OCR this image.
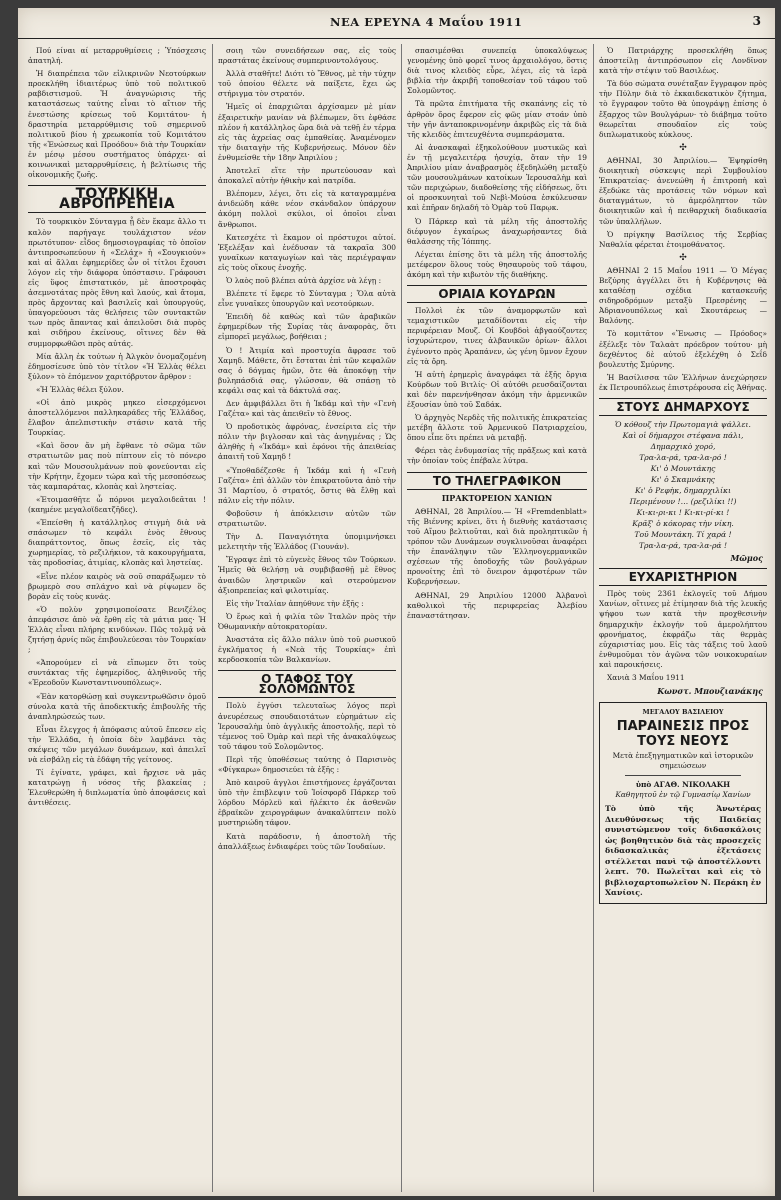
ΝΕΑ ΕΡΕΥΝΑ 4 Μαΐου 1911	3

Πού είναι αί μεταρρυθμίσεις ; Ὑπόσχεσις ἀπατηλή.

Ἡ διαπρέπεια τῶν εἰλικρινῶν Νεοτούρκων προεκλήθη ἰδιαιτέρως ὑπὸ τοῦ πολιτικοῦ ραβδιστισμοῦ. Ἡ ἀναγνώρισις τῆς καταστάσεως ταύτης εἶναι τὸ αἴτιον τῆς ἐνεστώσης κρίσεως τοῦ Κομιτάτου· ἡ δραστηρία μεταρρύθμισις τοῦ σημερινοῦ πολιτικοῦ βίου ἡ χρεωκοπία τοῦ Κομιτάτου τῆς «Ἑνώσεως καὶ Προόδου» διὰ τὴν Τουρκίαν ἐν μέσῳ μέσου συστήματος ὑπάρχει· αἱ κοινωνικαὶ μεταρρυθμίσεις, ἡ βελτίωσις τῆς οἰκονομικῆς ζωῆς.

ΤΟΥΡΚΙΚΗ ΑΒΡΟΠΡΕΠΕΙΑ

Τὸ τουρκικὸν Σύνταγμα ᾗ δὲν ἔκαμε ἄλλο τι καλὸν παρήγαγε τουλάχιστον νέον πρωτότυπον· εἶδος δημοσιογραφίας τὸ ὁποῖον ἀντιπροσωπεύουν ἡ «Σελάχ» ἡ «Σουγκιούν» καὶ αἱ ἄλλαι ἐφημερίδες ὧν οἱ τίτλοι ἔχουσι λόγον εἰς τὴν διάφορα ὑπόστασιν. Γράφουσι εἰς ὕφος ἐπιστατικόν, μὲ ἀποστροφὰς ἀσεμνοτάτας πρὸς ἔθνη καὶ λαούς, καὶ ἄτομα, πρὸς ἄρχοντας καὶ βασιλεῖς καὶ ὑπουργούς, ὑπαγορεύουσι τὰς θελήσεις τῶν συντακτῶν των πρὸς ἅπαντας καὶ ἀπειλοῦσι διὰ πυρὸς καὶ σιδήρου ἐκείνους, οἵτινες δὲν θὰ συμμορφωθῶσι πρὸς αὐτάς.

Μία ἄλλη ἐκ τούτων ἡ Ἀλγκὸν ὀνομαζομένη ἐδημοσίευσε ὑπὸ τὸν τίτλον «Ἡ Ἑλλὰς θέλει ξύλον» τὸ ἑπόμενον χαριτόβρυτον ἄρθρον :

«Ἡ Ἑλλὰς θέλει ξύλον.

«Οἱ ἀπὸ μικρὸς μηκεο εἰσερχόμενοι ἀποστελλόμενοι παλληκαράδες τῆς Ἑλλάδος, ἔλαβον ἀπελπιστικὴν στάσιν κατὰ τῆς Τουρκίας.

«Καὶ ὅσον ἄν μὴ ἔφθανε τὸ σῶμα τῶν στρατιωτῶν μας ποὺ πίπτουν εἰς τὸ πόνερο καὶ τῶν Μουσουλμάνων ποὺ φονεύονται εἰς τὴν Κρήτην, ἔχομεν τώρα καὶ τῆς μεσοπόσεως τὰς καμπαράτας, κλοπὰς καὶ ληστείας.

«Ἐτοιμασθῆτε ὦ πόρνοι μεγαλοιδεᾶται ! (καημένε μεγαλοϊδεατζῆδες).

«Ἐπείσθη ἡ κατάλληλος στιγμὴ διὰ νὰ σπάσωμεν τὸ κεφάλι ἑνὸς ἔθνους διαπράττοντος, ὅπως ἐσεῖς, εἰς τὰς χωρημερίας, τὸ ρεζιλήκιον, τὰ κακουργήματα, τὰς προδοσίας, ἀτιμίας, κλοπὰς καὶ ληστείας.

«Εἶνε πλέον καιρὸς νὰ σοῦ σπαράξωμεν τὸ βρωμερὸ σου σπλάχνο καὶ νὰ ρίψωμεν ὅς βορὰν εἰς τοὺς κυνάς.

«Ὁ πολὺν χρησιμοποίσατε Βενιζέλος ἀπεφάσισε ἀπὸ νὰ ἔρθη εἰς τὰ μάτια μας· Ἡ Ἑλλὰς εἶναι πλήρης κινδύνων. Πῶς τολμᾷ νὰ ζητήσῃ ἀρνίς πῶς ἐπιβουλεύεσαι τὸν Τουρκίαν ;

«Ἀπορούμεν εἰ νὰ εἴπωμεν ὅτι τοὺς συντάκτας τῆς ἐφημερίδος, ἀληθινοῦς τῆς «Ἐρεοδοῦν Κωνσταντινουπόλεως».

«Ἐὰν κατορθώσῃ καὶ συγκεντρωθῶσιν ὁμοῦ σύνολα κατὰ τῆς ἀποδεκτικῆς ἐπιβουλῆς τῆς ἀναπληρώσεώς των.

Εἶναι ἔλεγχος ἡ ἀπόφασις αὐτοῦ ἔπεσεν εἰς τὴν Ἑλλάδα, ἡ ὁποία δὲν λαμβάνει τὰς σκέψεις τῶν μεγάλων δυνάμεων, καὶ ἀπειλεῖ νὰ εἰσβάλῃ εἰς τὰ ἐδάφη τῆς γείτονος.

Τί ἐγίνατε, γράφει, καὶ ἤρχισε νὰ μᾶς κατατρώγῃ ἡ νόσος τῆς βλακείας ; Ἐλευθερώθη ἡ διπλωματία ὑπὸ ἀποφάσεις καὶ ἀντιθέσεις.

σοιη τῶν συνειδήσεων σας, εἰς τοὺς πραστάτας ἐκείνους συμπερινοντολόγους.

Ἀλλὰ σταθῆτε! Διότι τὸ Ἔθνος, μὲ τὴν τύχην τοῦ ὁποίου θέλετε νὰ παίξετε, ἔχει ὡς στήριγμα τὸν στρατόν.

Ἡμεῖς οἱ ἐπαρχιῶται ἀρχίσαμεν μὲ μίαν ἐξαιρετικὴν μανίαν νὰ βλέπωμεν, ὅτι ἐφθάσε πλέον ἡ κατάλληλος ὥρα διὰ νὰ τεθῇ ἐν τέρμα εἰς τὰς ἀχρείας σας ἐμπαθείας. Ἀναμένομεν τὴν διαταγὴν τῆς Κυβερνήσεως. Μόνον δὲν ἐνθυμείσθε τὴν 18ην Ἀπριλίου ;

Ἀποτελεῖ εἴτε τὴν πρωτεύουσαν καὶ ἀποκαλεῖ αὐτὴν ἡθικὴν καὶ πατρίδα.

Βλέπομεν, λέγει, ὅτι εἰς τὰ καταγραμμένα ἀνιδεώδη κάθε νέον σκάνδαλον ὑπάρχουν ἀκόμη πολλοὶ σκύλοι, οἱ ὁποῖοι εἶναι ἄνθρωποι.

Κατεσχέτε τὶ ἔκαμον οἱ πρόστυχοι αὐτοί. Ἐξελέξαν καὶ ἐνέδυσαν τὰ τακραῖα 300 γυναῖκων καταγωγίων καὶ τὰς περιέγραψαν εἰς τοὺς οἴκους ἐνοχῆς.

Ὁ λαὸς ποῦ βλέπει αὐτὰ ἀρχίσε νὰ λέγῃ :

Βλέπετε τί ἔφερε τὸ Σύνταγμα ; Ὅλα αὐτὰ εἶνε γυναῖκες ὑπουργῶν καὶ νεοτούρκων.

Ἐπειδὴ δὲ καθὼς καὶ τῶν ἀραβικῶν ἐφημερίδων τῆς Συρίας τὰς ἀναφορὰς, ὅτι εἰμπορεῖ μεγάλως, βοήθειαι ;

Ὁ ! Ἀτιμία καὶ προστυχία ἄφρασε τοῦ Χαμηδ. Μάθετε, ὅτι ἔσταται ἐπὶ τῶν κεφαλῶν σας ὁ δόγμας ἡμῶν, ὅτε θὰ ἀποκόψῃ τὴν βυληπάσδιά σας, γλώσσαν, θὰ σπάσῃ τὸ κεφάλι σας καὶ τὰ δάκτυλά σας.

Δεν ἀμφιβάλλει ὅτι ἡ Ἰκδάμ καὶ τὴν «Γενὴ Γαζέτα» καὶ τὰς ἀπειθεῖν τὸ ἔθνος.

Ὁ προδοτικὸς ἀφρόνας, ἐνσείριτα εἰς τὴν πόλιν τὴν βιγλοσαν καὶ τὰς ἀνηγμένας ; Ὡς ἀληθὴς ἡ «Ἰκδάμ» καὶ ἐφόνοι τῆς ἀπειθείας ἀπαιτῆ τοῦ Χαμηδ !

«Ὑποθαδέζεσθε ἡ Ἰκδάμ καὶ ἡ «Γενὴ Γαζέτα» ἐπὶ ἀλλῶν τὸν ἐπικρατοῦντα ἀπὸ τὴν 31 Μαρτίου, ὁ στρατός, ὅστις θὰ ἔλθῃ καὶ πάλιν εἰς τὴν πόλιν.

Φοβοῦσιν ἡ ἀπόκλεισιν αὐτῶν τῶν στρατιωτῶν.

Τὴν Δ. Παναγιότητα ὑπομιμνήσκει μελετητὴν τῆς Ἑλλάδος (Γιουνάν).

Ἔγραψε ἐπὶ τὸ εὐγενὲς ἔθνος τῶν Τούρκων. Ἡμεῖς θὰ θελήσῃ νὰ συμβιβασθῇ μὲ ἔθνος ἀναιδῶν ληστρικῶν καὶ στερούμενον ἀξιοπρεπείας καὶ φιλοτιμίας.

Εἰς τὴν Ἰταλίαν ἀπηύθυνε τὴν ἑξῆς :

Ὁ ἔρως καὶ ἡ φιλία τῶν Ἰταλῶν πρὸς τὴν Ὀθωμανικὴν αὐτοκρατορίαν.

Ἀναστάτα εἰς ἄλλο πάλιν ὑπὸ τοῦ ρωσικοῦ ἐγκλήματος ἡ «Νεὰ τῆς Τουρκίας» ἐπὶ κερδοσκοπία τῶν Βαλκανίων.

Ο ΤΑΦΟΣ ΤΟΥ ΣΟΛΟΜΩΝΤΟΣ

Πολὺ ἐγγύσι τελευταῖως λόγος περὶ ἀνευρέσεως σπουδαιοτάτων εὑρημάτων εἰς Ἱερουσαλὴμ ὑπὸ ἀγγλικῆς ἀποστολῆς, περὶ τὸ τέμενος τοῦ Ὀμὰρ καὶ περὶ τῆς ἀνακαλύψεως τοῦ τάφου τοῦ Σολομῶντος.

Περὶ τῆς ὑποθέσεως ταύτης ὁ Παρισινὸς «Φίγκαρω» δημοσιεύει τὰ ἑξῆς :

Ἀπὸ καιροῦ ἀγγλοι ἐπιστήμονες ἐργάζονται ὑπὸ τὴν ἐπιβλεψιν τοῦ Ἱοίσφορδ Πάρκερ τοῦ λόρδου Μόρλεϋ καὶ ἠλέκιτο ἐκ ἀσθενῶν ἑβραϊκῶν χειρογράφων ἀνακαλύπτειν πολὺ μυστηριώδη τάφον.

Κατὰ παράδοσιν, ἡ ἀποστολὴ τῆς ἀπαλλάξεως ἐνδιαφέρει τοὺς τῶν Ἰουδαίων.

σπασιμέσθαι συνεπείᾳ ὑποκαλύψεως γενομένης ὑπὸ φορεῖ τινος ἀρχαιολόγου, ὅστις διὰ τινος κλειδὸς εὗρε, λέγει, εἰς τὰ ἱερὰ βιβλία τὴν ἀκριβῆ τοποθεσίαν τοῦ τάφου τοῦ Σολομῶντος.

Τὰ πρῶτα ἐπιτήματα τῆς σκαπάνης εἰς τὸ ἀρθρὸν ὄρος ἔφερον εἰς φῶς μίαν στοάν ὑπὸ τὴν γῆν ἀνταποκρινομένην ἀκριβῶς εἰς τὰ διὰ τῆς κλειδὸς ἐπιτευχθέντα συμπεράσματα.

Αἱ ἀνασκαφαὶ ἐξηκολούθουν μυστικῶς καὶ ἐν τῇ μεγαλειτέρᾳ ἡσυχίᾳ, ὅταν τὴν 19 Ἀπριλίου μίαν ἀναβρασμὸς ἐξεδηλώθη μεταξὺ τῶν μουσουλμάνων κατοίκων Ἱερουσαλὴμ καὶ τῶν περιχώρων, διαδοθείσης τῆς εἰδήσεως, ὅτι οἱ προσκυνηταὶ τοῦ Νεβὶ-Μούσα ἐσκύλευσαν καὶ ἐπῆραν δηλαδή τὸ Ὀμὰρ τοῦ Παρῳκ.

Ὁ Πάρκερ καὶ τὰ μέλη τῆς ἀποστολῆς διέφυγον ἐγκαίρως ἀναχωρήσαντες διὰ θαλάσσης τῆς Ἰόππης.

Λέγεται ἐπίσης ὅτι τὰ μέλη τῆς ἀποστολῆς μετέφερον ὅλους τοὺς θησαυροὺς τοῦ τάφου, ἀκόμη καὶ τὴν κιβωτὸν τῆς διαθήκης.

ΟΡΙΑΙΑ ΚΟΥΔΡΩΝ

Πολλοὶ ἐκ τῶν ἀναμορφωτῶν καὶ τεμαχιστικῶν μεταδίδονται εἰς τὴν περιφέρειαν Μουζ. Οἱ Κουβδοὶ ἀβγαούζοντες ἰσχυρώτερον, τινες ἀλβανικῶν ὁρίων· ἄλλοι ἐγένοντο πρὸς Ἀραπάνεν, ὡς γένη ὕμνον ἔχουν εἰς τὰ ὄρη.

Ἡ αὐτὴ ἐρημερὶς ἀναγράφει τὰ ἑξῆς ὄργια Κούρδων τοῦ Βιτλίς· Οἱ αὐτόθι ρευσδαίζονται καὶ δὲν παρενήνθησαν ἀκόμη τὴν ἀρμενικῶν ἐξουσίαν ὑπὸ τοῦ Σαδάκ.

Ὁ ἀρχηγὸς Νερδὲς τῆς πολιτικῆς ἐπικρατείας μετέβη ἄλλοτε τοῦ Ἀρμενικοῦ Πατριαρχείου, ὅπου εἶπε ὅτι πρέπει νὰ μεταβῇ.

Φέρει τὰς ἐνδυμασίας τῆς πρᾶξεως καὶ κατὰ τὴν ὁποίαν τοὺς ἐπέβαλε λύτρα.

ΤΟ ΤΗΛΕΓΡΑΦΙΚΟΝ
ΠΡΑΚΤΟΡΕΙΟΝ ΧΑΝΙΩΝ

ΑΘΗΝΑΙ, 28 Ἀπριλίου.— Ἡ «Fremdenblatt» τῆς Βιέννης κρίνει, ὅτι ἡ διεθνὴς κατάστασις τοῦ Αἴμου βελτιοῦται, καὶ διὰ προληπτικῶν ἡ τρόπον τῶν Δυνάμεων συγκλινοῦσαι ἀναφέρει τὴν ἐπανάληψιν τῶν Ἑλληνογερμανικῶν σχέσεων τῆς ὁποδοχῆς τῶν βουλγάρων προνοίτης ἐπὶ τὸ ὄνειρον ἀμφοτέρων τῶν Κυβερνήσεων.

ΑΘΗΝΑΙ, 29 Ἀπριλίου 12000 Ἀλβανοὶ καθολικοὶ τῆς περιφερείας Ἀλεβίου ἐπαναστάτησαν.

Ὁ Πατριάρχης προσεκλήθη ὅπως ἀποστείλῃ ἀντιπρόσωπον εἰς Λονδῖνον κατὰ τὴν στέψιν τοῦ Βασιλέως.

Τὰ δύο σώματα συνέταξαν ἔγγραφον πρὸς τὴν Πύλην διὰ τὸ ἐκκαιδεκατικὸν ζήτημα, τὸ ἔγγραφον τοῦτο θὰ ὑπογράψῃ ἐπίσης ὁ ἔξαρχος τῶν Βουλγάρων· τὸ διάβημα τοῦτο θεωρεῖται σπουδαῖον εἰς τοὺς διπλωματικοὺς κύκλους.

✣

ΑΘΗΝΑΙ, 30 Ἀπριλίου.— Ἐψηφίσθη διοικητικὴ σύσκεψις περὶ Συμβουλίου Ἐπικρατείας· ἀνενεώθη ἡ ἐπιτροπὴ καὶ ἐξεδώκε τὰς προτάσεις τῶν νόμων καὶ διαταγμάτων, τὸ ἀμερόληπτον τῶν διοικητικῶν καὶ ἡ πειθαρχικὴ διαδικασία τῶν ὑπαλλήλων.

Ὁ πρίγκηψ Βασίλειος τῆς Σερβίας Ναθαλία φέρεται ἑτοιμοθάνατος.

✣

ΑΘΗΝΑΙ 2 15 Μαΐου 1911 — Ὁ Μέγας Βεζύρης ἀγγέλλει ὅτι ἡ Κυβέρνησις θὰ καταθέσῃ σχέδια κατασκευῆς σιδηροδρόμων μεταξὺ Πρεσρένης — Ἀδριανουπόλεως καὶ Σκουτάρεως — Βαλόνης.

Τὸ κομιτᾶτον «Ἕνωσις — Πρόοδος» ἐξέλεξε τὸν Ταλαὰτ πρόεδρον τούτου· μὴ δεχθέντος δὲ αὐτοῦ ἐξελέχθη ὁ Σεΐδ βουλευτὴς Σμύρνης.

Ἡ Βασίλισσα τῶν Ἑλλήνων ἀνεχώρησεν ἐκ Πετρουπόλεως ἐπιστρέφουσα εἰς Ἀθήνας.

ΣΤΟΥΣ ΔΗΜΑΡΧΟΥΣ
Ὁ κόθουζ τὴν Πρωτομαγιὰ ψάλλει.
Καὶ οἱ δήμαρχοι στέφανα πάλι,
Δημαρχικὸ χορό,
Τρα-λα-ρά, τρα-λα-ρό !
Κι' ὁ Μουντάκης
Κι' ὁ Σκαμνάκης
Κι' ὁ Ρεφὴκ, δημαρχιλίκι
Περιμένουν !… (ρεζιλίκι !!)
Κι-κι-ρι-κι ! Κι-κι-ρί-κι !
Κρᾶξ' ὁ κόκορας τὴν νίκη.
Τοῦ Μουντάκη. Τί χαρά !
Τρα-λα-ρά, τρα-λα-ρά !
Μῶμος
ΕΥΧΑΡΙΣΤΗΡΙΟΝ

Πρὸς τοὺς 2361 ἐκλογεῖς τοῦ Δήμου Χανίων, οἵτινες μὲ ἐτίμησαν διὰ τῆς λευκῆς ψήφου των κατὰ τὴν προχθεσινὴν δημαρχικὴν ἐκλογήν τοῦ ἀμερολήπτου φρονήματος, ἐκφράζω τὰς θερμὰς εὐχαριστίας μου. Εἰς τὰς τάξεις τοῦ λαοῦ ἐνθυμοῦμαι τὸν ἀγῶνα τῶν νοικοκυραίων καὶ παροικήσεις.

Χανιὰ 3 Μαΐου 1911

Κωνστ. Μπουζιανάκης
ΜΕΓΑΛΟΥ ΒΑΣΙΛΕΙΟΥ
ΠΑΡΑΙΝΕΣΙΣ ΠΡΟΣ ΤΟΥΣ ΝΕΟΥΣ
Μετὰ ἑπεξηγηματικῶν καὶ ἱστορικῶν σημειώσεων
ὑπὸ ΑΓΑΘ. ΝΙΚΟΛΑΚΗ
Καθηγητοῦ ἐν τῷ Γυμνασίῳ Χανίων
Τὸ ὑπὸ τῆς Ἀνωτέρας Διευθύνσεως τῆς Παιδείας συνιστώμενον τοῖς διδασκάλοις ὡς βοηθητικὸν διὰ τὰς προσεχεῖς διδασκαλικὰς ἐξετάσεις στέλλεται πανὶ τῷ ἀποστέλλοντι λεπτ. 70. Πωλεῖται καὶ εἰς τὸ βιβλιοχαρτοπωλεῖον Ν. Περάκη ἐν Χανίοις.
